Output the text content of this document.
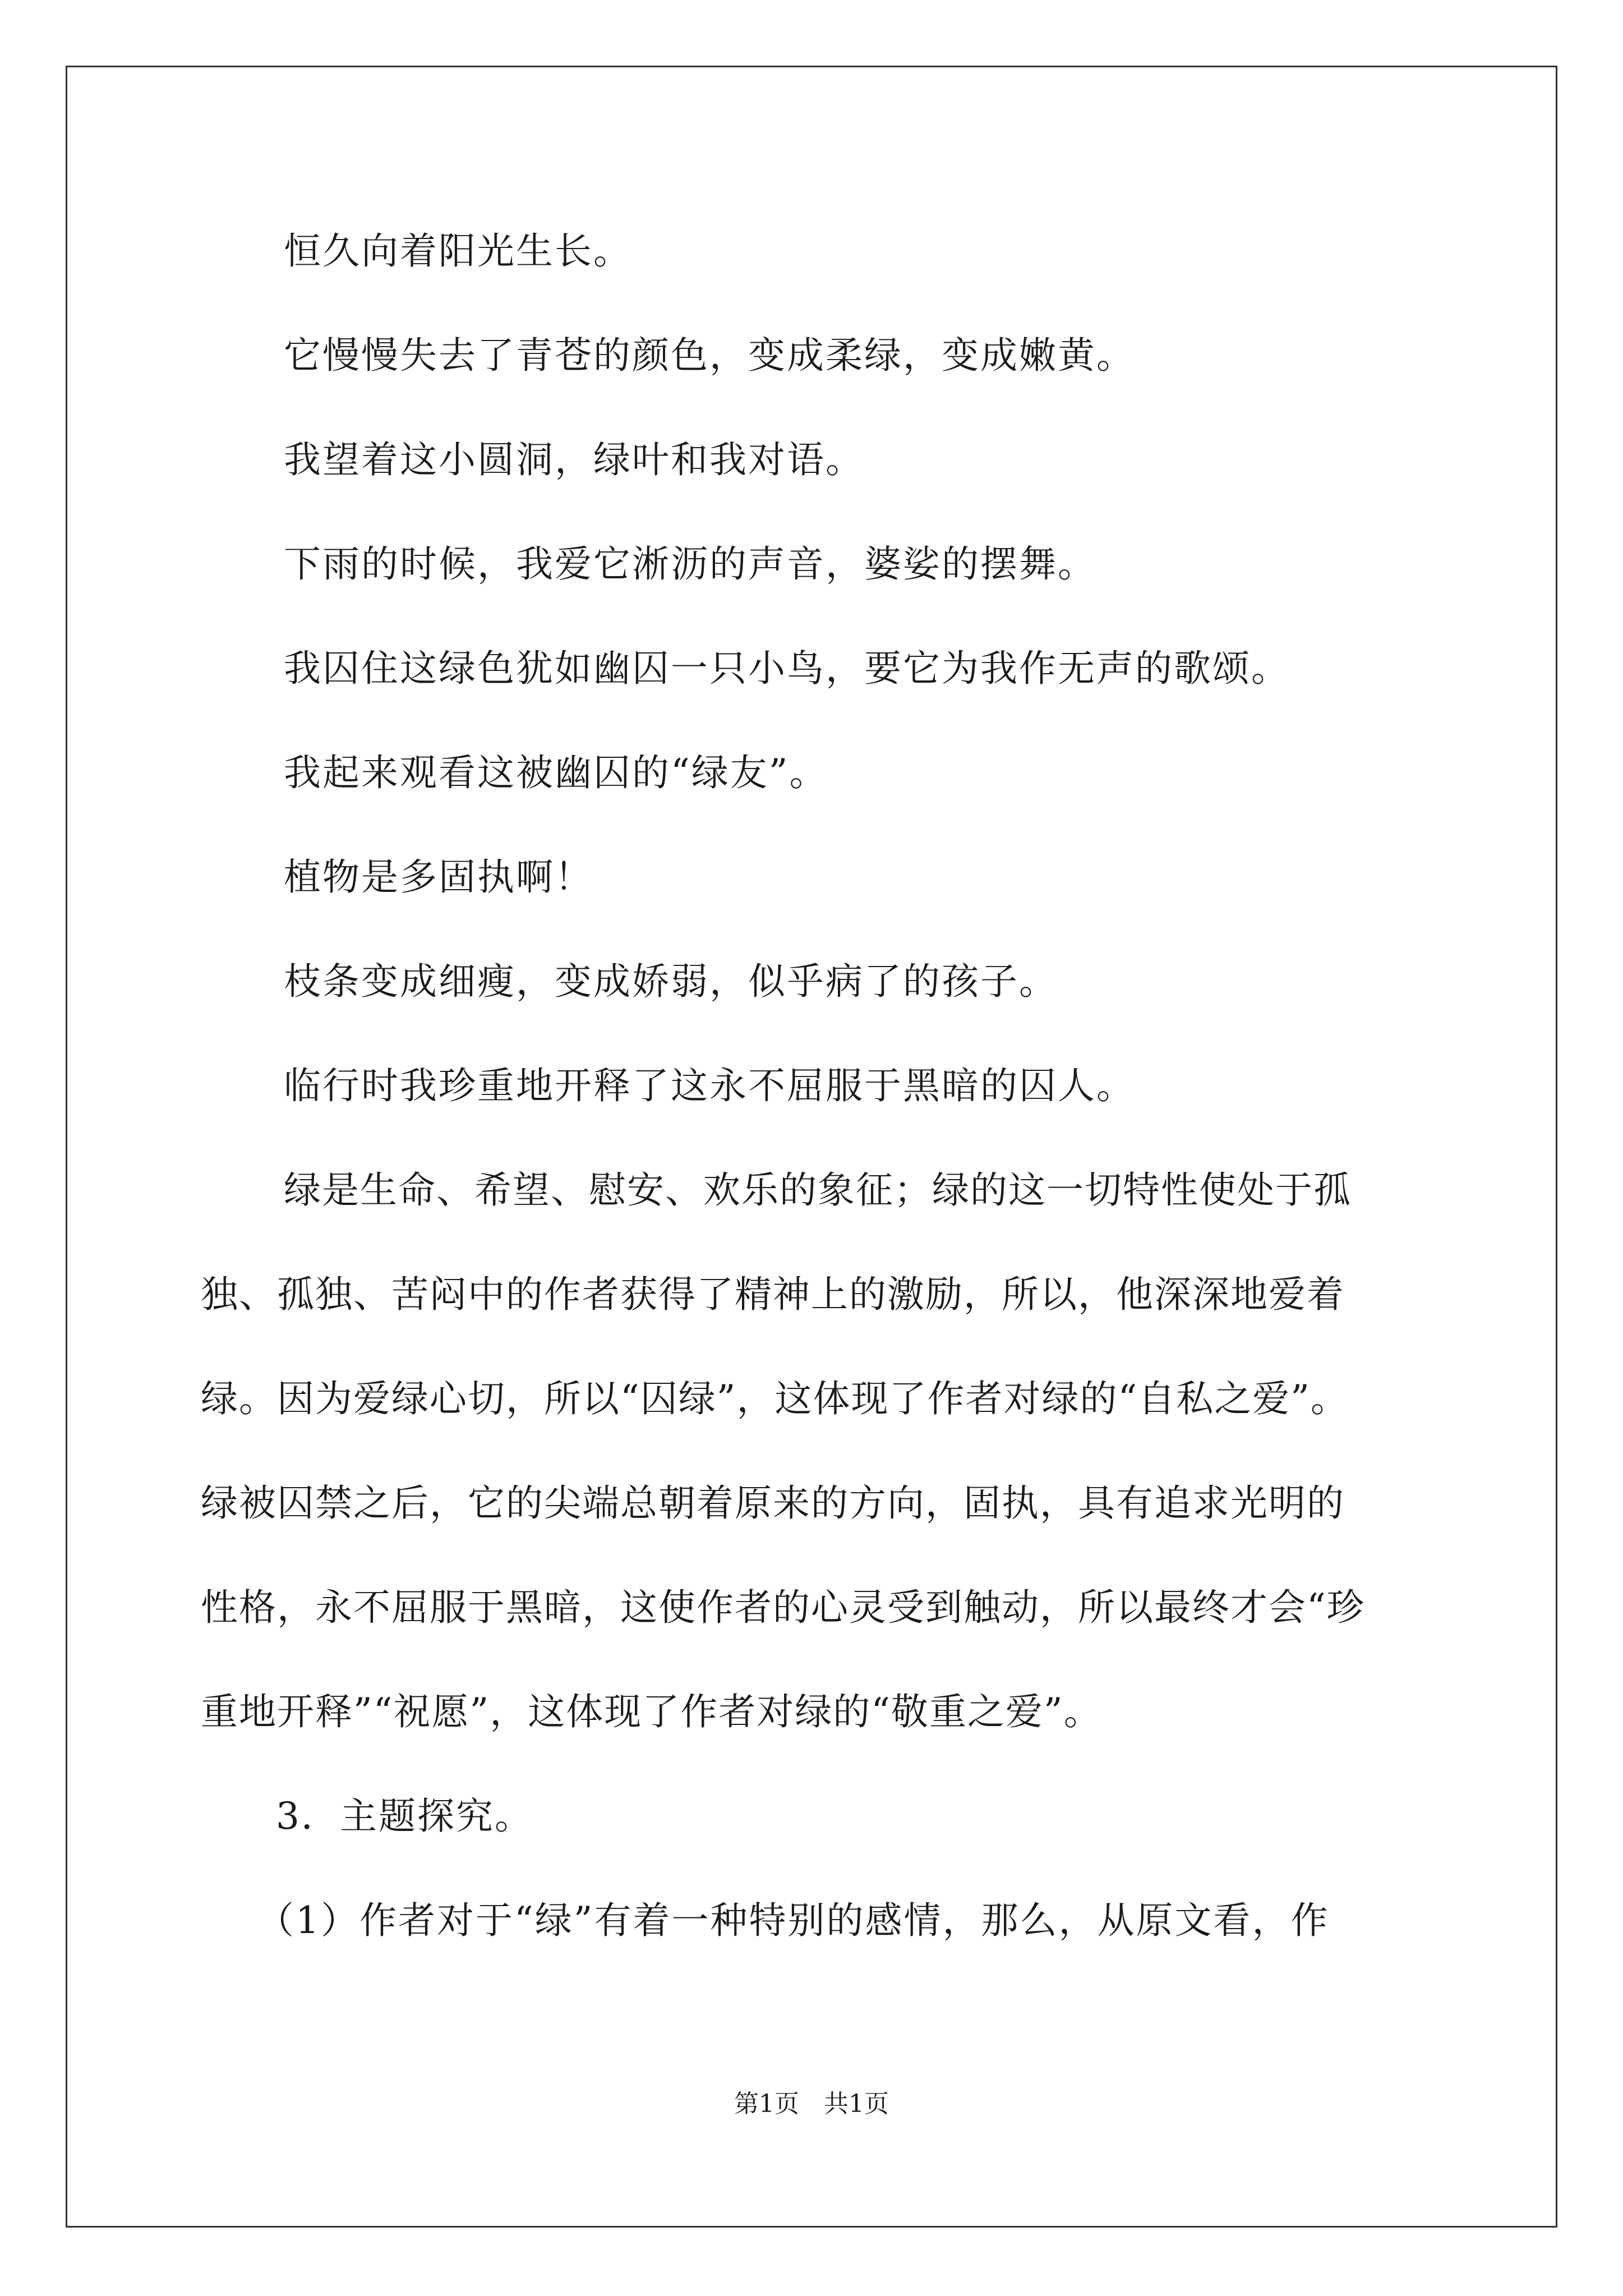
恒久向着阳光生长。
它慢慢失去了青苍的颜色，变成柔绿，变成嫩黄。
我望着这小圆洞，绿叶和我对语。
下雨的时候，我爱它淅沥的声音，婆娑的摆舞。
我囚住这绿色犹如幽囚一只小鸟，要它为我作无声的歌颂。
我起来观看这被幽囚的“绿友”。
植物是多固执啊！
枝条变成细瘦，变成娇弱，似乎病了的孩子。
临行时我珍重地开释了这永不屈服于黑暗的囚人。
绿是生命、希望、慰安、欢乐的象征；绿的这一切特性使处于孤
独、孤独、苦闷中的作者获得了精神上的激励，所以，他深深地爱着
绿。因为爱绿心切，所以“囚绿”，这体现了作者对绿的“自私之爱”。
绿被囚禁之后，它的尖端总朝着原来的方向，固执，具有追求光明的
性格，永不屈服于黑暗，这使作者的心灵受到触动，所以最终才会“珍
重地开释”“祝愿”，这体现了作者对绿的“敬重之爱”。
3．主题探究。
（1）作者对于“绿”有着一种特别的感情，那么，从原文看，作
第1页　共1页
